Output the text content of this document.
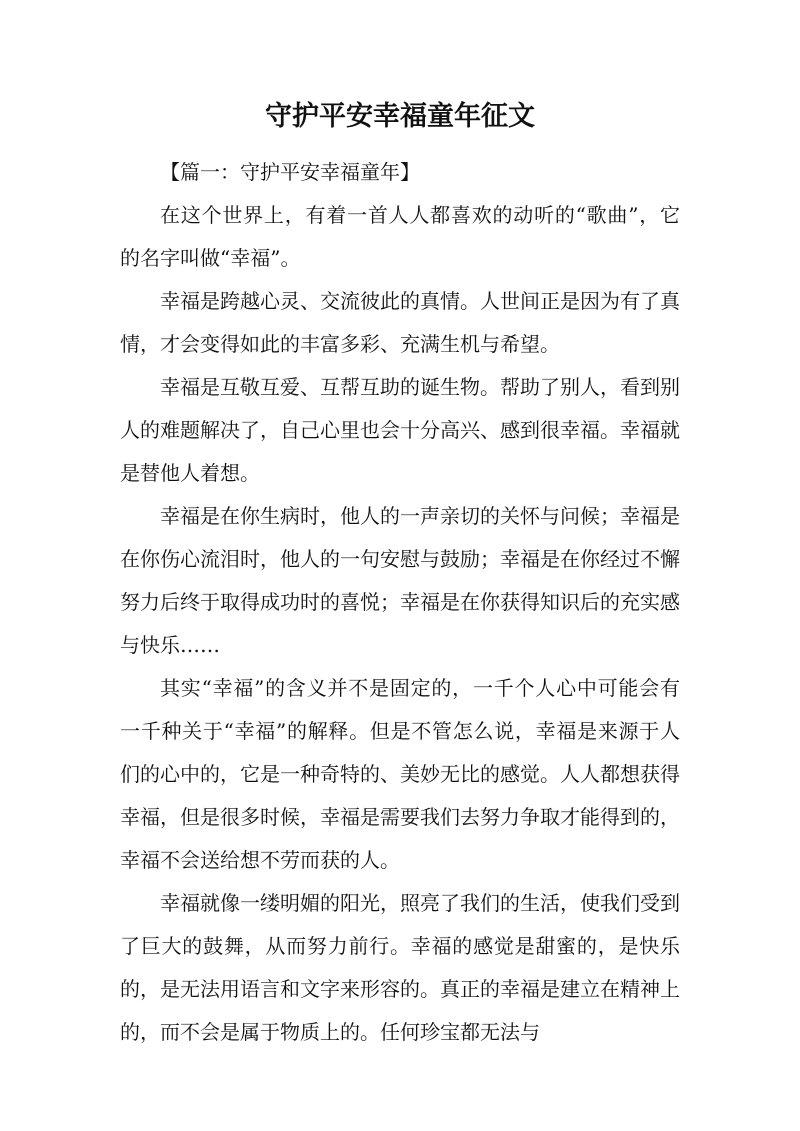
守护平安幸福童年征文

【篇一：守护平安幸福童年】

在这个世界上，有着一首人人都喜欢的动听的“歌曲”，它的名字叫做“幸福”。

幸福是跨越心灵、交流彼此的真情。人世间正是因为有了真情，才会变得如此的丰富多彩、充满生机与希望。

幸福是互敬互爱、互帮互助的诞生物。帮助了别人，看到别人的难题解决了，自己心里也会十分高兴、感到很幸福。幸福就是替他人着想。

幸福是在你生病时，他人的一声亲切的关怀与问候；幸福是在你伤心流泪时，他人的一句安慰与鼓励；幸福是在你经过不懈努力后终于取得成功时的喜悦；幸福是在你获得知识后的充实感与快乐……

其实“幸福”的含义并不是固定的，一千个人心中可能会有一千种关于“幸福”的解释。但是不管怎么说，幸福是来源于人们的心中的，它是一种奇特的、美妙无比的感觉。人人都想获得幸福，但是很多时候，幸福是需要我们去努力争取才能得到的，幸福不会送给想不劳而获的人。

幸福就像一缕明媚的阳光，照亮了我们的生活，使我们受到了巨大的鼓舞，从而努力前行。幸福的感觉是甜蜜的，是快乐的，是无法用语言和文字来形容的。真正的幸福是建立在精神上的，而不会是属于物质上的。任何珍宝都无法与
